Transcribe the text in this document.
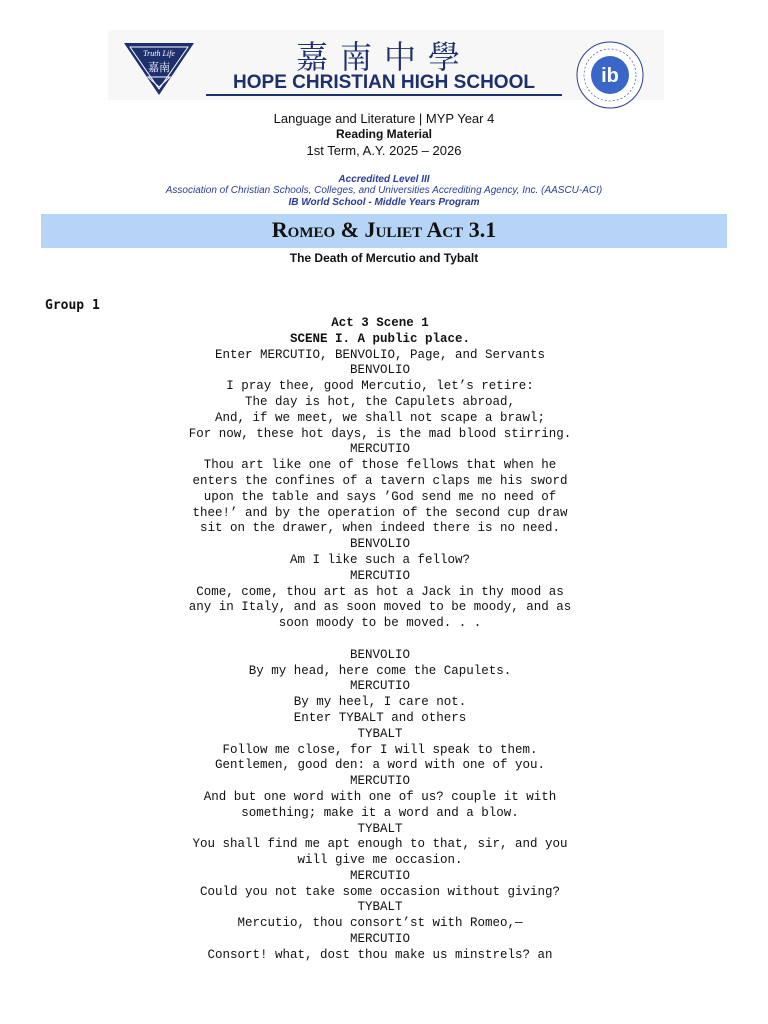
Truth Life
嘉南	嘉南中學
HOPE CHRISTIAN HIGH SCHOOL	ib
Language and Literature | MYP Year 4
Reading Material
1st Term, A.Y. 2025 – 2026
Accredited Level III
Association of Christian Schools, Colleges, and Universities Accrediting Agency, Inc. (AASCU-ACI)
IB World School - Middle Years Program
Romeo & Juliet Act 3.1
The Death of Mercutio and Tybalt
Group 1
Act 3 Scene 1
SCENE I. A public place.
Enter MERCUTIO, BENVOLIO, Page, and Servants
BENVOLIO
I pray thee, good Mercutio, let’s retire:
The day is hot, the Capulets abroad,
And, if we meet, we shall not scape a brawl;
For now, these hot days, is the mad blood stirring.
MERCUTIO
Thou art like one of those fellows that when he
enters the confines of a tavern claps me his sword
upon the table and says ’God send me no need of
thee!’ and by the operation of the second cup draw
sit on the drawer, when indeed there is no need.
BENVOLIO
Am I like such a fellow?
MERCUTIO
Come, come, thou art as hot a Jack in thy mood as
any in Italy, and as soon moved to be moody, and as
soon moody to be moved. . .
BENVOLIO
By my head, here come the Capulets.
MERCUTIO
By my heel, I care not.
Enter TYBALT and others
TYBALT
Follow me close, for I will speak to them.
Gentlemen, good den: a word with one of you.
MERCUTIO
And but one word with one of us? couple it with
something; make it a word and a blow.
TYBALT
You shall find me apt enough to that, sir, and you
will give me occasion.
MERCUTIO
Could you not take some occasion without giving?
TYBALT
Mercutio, thou consort’st with Romeo,—
MERCUTIO
Consort! what, dost thou make us minstrels? an
